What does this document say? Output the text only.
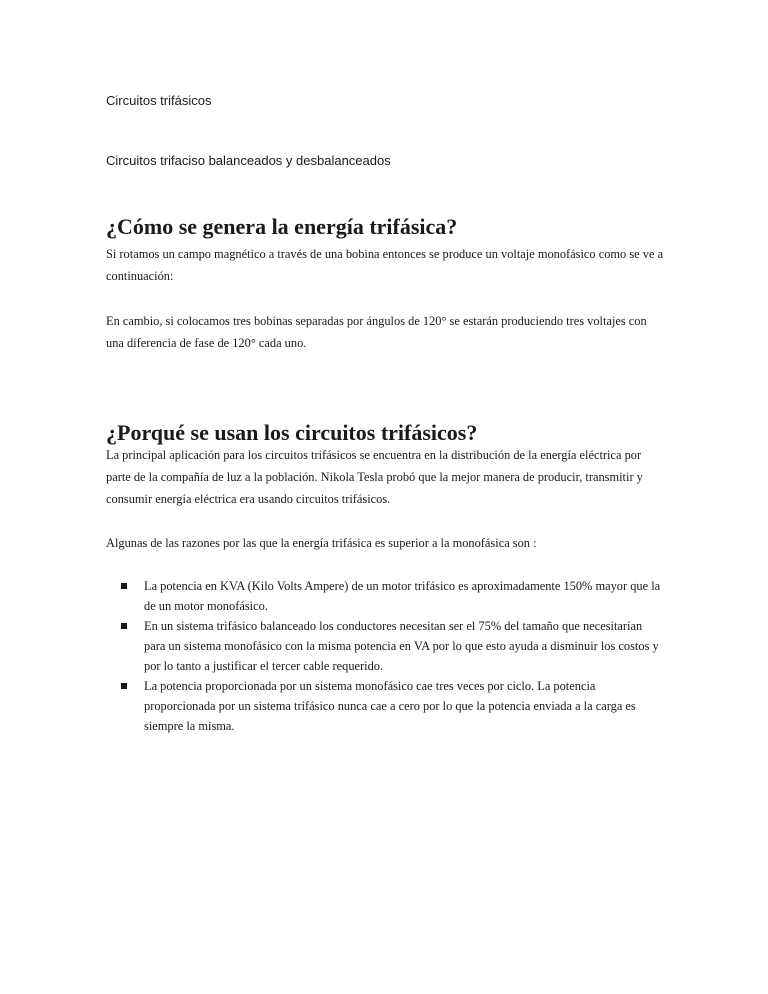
Circuitos trifásicos

Circuitos trifaciso balanceados y desbalanceados

¿Cómo se genera la energía trifásica?

Si rotamos un campo magnético a través de una bobina entonces se produce un voltaje monofásico como se ve a continuación:

En cambio, si colocamos tres bobinas separadas por ángulos de 120° se estarán produciendo tres voltajes con una diferencia de fase de 120° cada uno.

¿Porqué se usan los circuitos trifásicos?

La principal aplicación para los circuitos trifásicos se encuentra en la distribución de la energía eléctrica por parte de la compañía de luz a la población. Nikola Tesla probó que la mejor manera de producir, transmitir y consumir energía eléctrica era usando circuitos trifásicos.

Algunas de las razones por las que la energía trifásica es superior a la monofásica son :

La potencia en KVA (Kilo Volts Ampere) de un motor trifásico es aproximadamente 150% mayor que la de un motor monofásico.
En un sistema trifásico balanceado los conductores necesitan ser el 75% del tamaño que necesitarían para un sistema monofásico con la misma potencia en VA por lo que esto ayuda a disminuir los costos y por lo tanto a justificar el tercer cable requerido.
La potencia proporcionada por un sistema monofásico cae tres veces por ciclo. La potencia proporcionada por un sistema trifásico nunca cae a cero por lo que la potencia enviada a la carga es siempre la misma.
